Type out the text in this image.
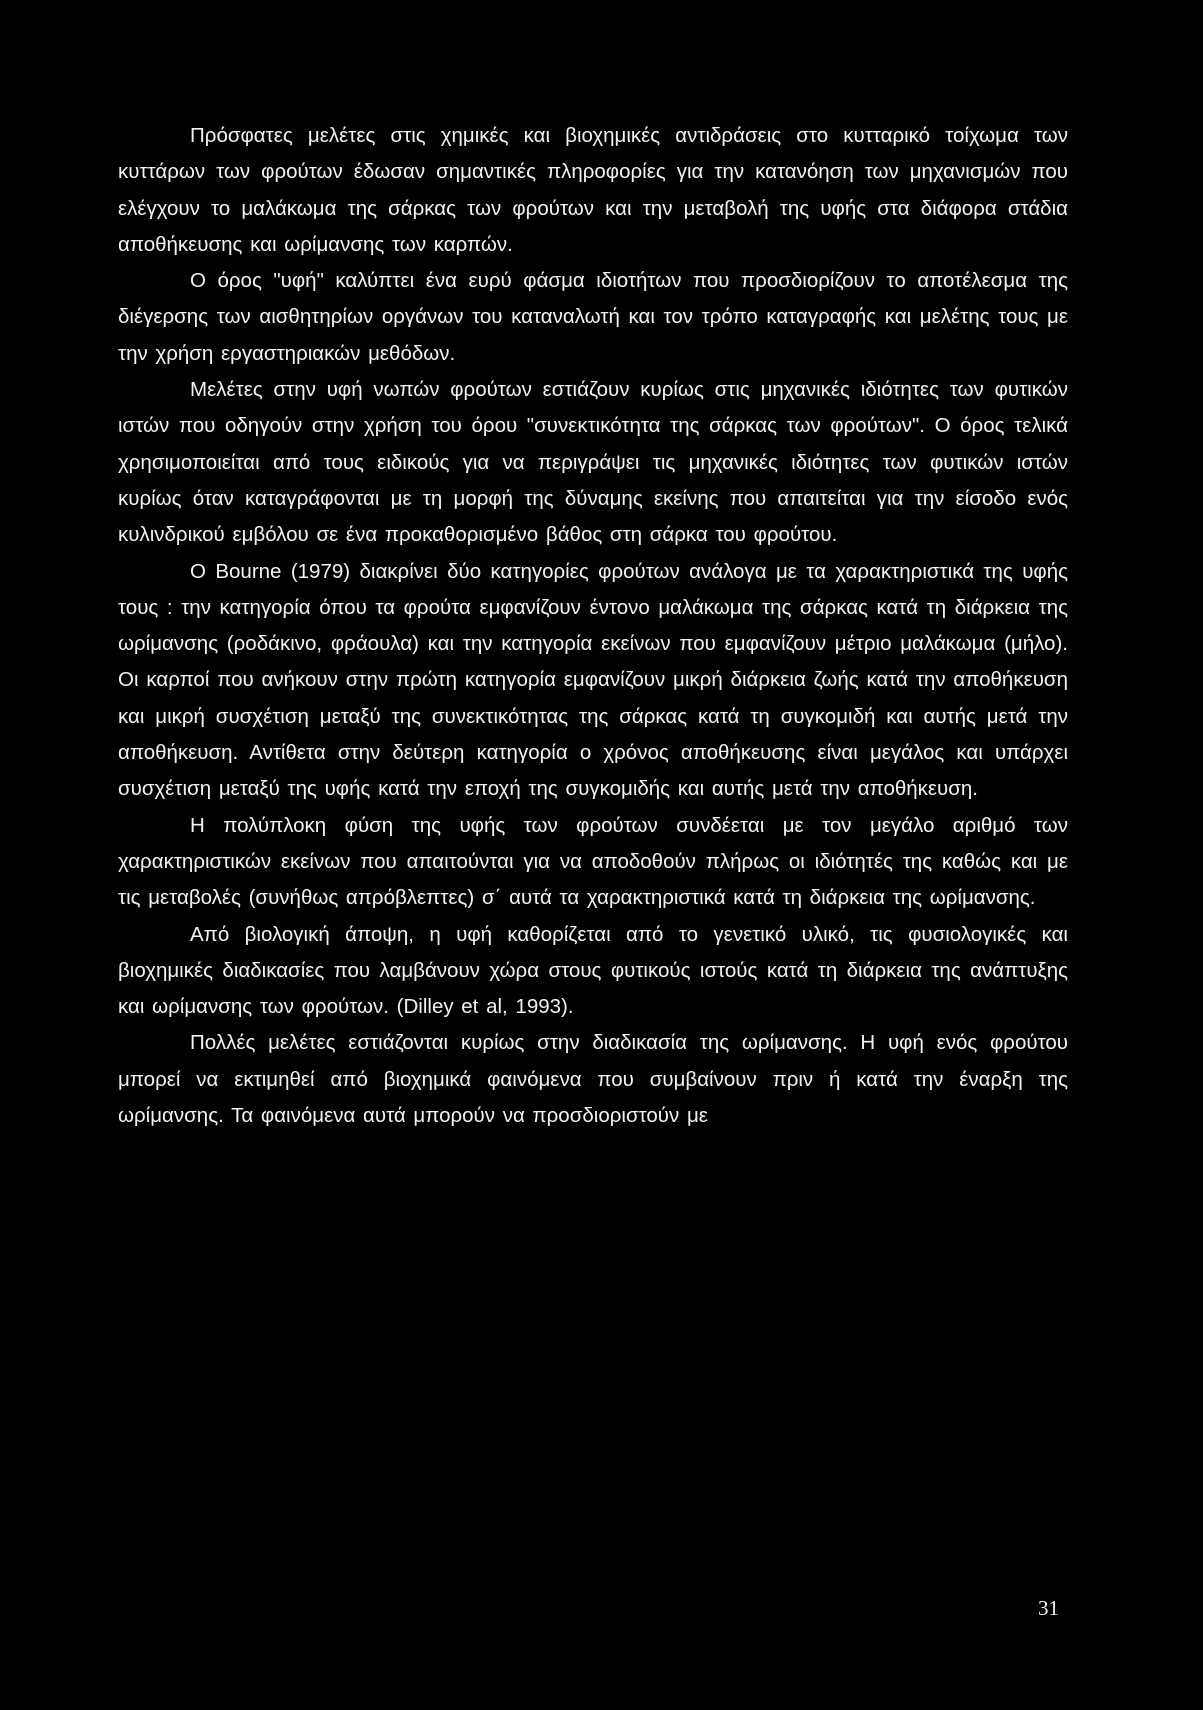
Πρόσφατες μελέτες στις χημικές και βιοχημικές αντιδράσεις στο κυτταρικό τοίχωμα των κυττάρων των φρούτων έδωσαν σημαντικές πληροφορίες για την κατανόηση των μηχανισμών που ελέγχουν το μαλάκωμα της σάρκας των φρούτων και την μεταβολή της υφής στα διάφορα στάδια αποθήκευσης και ωρίμανσης των καρπών.

Ο όρος "υφή" καλύπτει ένα ευρύ φάσμα ιδιοτήτων που προσδιορίζουν το αποτέλεσμα της διέγερσης των αισθητηρίων οργάνων του καταναλωτή και τον τρόπο καταγραφής και μελέτης τους με την χρήση εργαστηριακών μεθόδων.

Μελέτες στην υφή νωπών φρούτων εστιάζουν κυρίως στις μηχανικές ιδιότητες των φυτικών ιστών που οδηγούν στην χρήση του όρου "συνεκτικότητα της σάρκας των φρούτων". Ο όρος τελικά χρησιμοποιείται από τους ειδικούς για να περιγράψει τις μηχανικές ιδιότητες των φυτικών ιστών κυρίως όταν καταγράφονται με τη μορφή της δύναμης εκείνης που απαιτείται για την είσοδο ενός κυλινδρικού εμβόλου σε ένα προκαθορισμένο βάθος στη σάρκα του φρούτου.

Ο Bourne (1979) διακρίνει δύο κατηγορίες φρούτων ανάλογα με τα χαρακτηριστικά της υφής τους : την κατηγορία όπου τα φρούτα εμφανίζουν έντονο μαλάκωμα της σάρκας κατά τη διάρκεια της ωρίμανσης (ροδάκινο, φράουλα) και την κατηγορία εκείνων που εμφανίζουν μέτριο μαλάκωμα (μήλο). Οι καρποί που ανήκουν στην πρώτη κατηγορία εμφανίζουν μικρή διάρκεια ζωής κατά την αποθήκευση και μικρή συσχέτιση μεταξύ της συνεκτικότητας της σάρκας κατά τη συγκομιδή και αυτής μετά την αποθήκευση. Αντίθετα στην δεύτερη κατηγορία ο χρόνος αποθήκευσης είναι μεγάλος και υπάρχει συσχέτιση μεταξύ της υφής κατά την εποχή της συγκομιδής και αυτής μετά την αποθήκευση.

Η πολύπλοκη φύση της υφής των φρούτων συνδέεται με τον μεγάλο αριθμό των χαρακτηριστικών εκείνων που απαιτούνται για να αποδοθούν πλήρως οι ιδιότητές της καθώς και με τις μεταβολές (συνήθως απρόβλεπτες) σ΄ αυτά τα χαρακτηριστικά κατά τη διάρκεια της ωρίμανσης.

Από βιολογική άποψη, η υφή καθορίζεται από το γενετικό υλικό, τις φυσιολογικές και βιοχημικές διαδικασίες που λαμβάνουν χώρα στους φυτικούς ιστούς κατά τη διάρκεια της ανάπτυξης και ωρίμανσης των φρούτων. (Dilley et al, 1993).

Πολλές μελέτες εστιάζονται κυρίως στην διαδικασία της ωρίμανσης. Η υφή ενός φρούτου μπορεί να εκτιμηθεί από βιοχημικά φαινόμενα που συμβαίνουν πριν ή κατά την έναρξη της ωρίμανσης. Τα φαινόμενα αυτά μπορούν να προσδιοριστούν με

31
